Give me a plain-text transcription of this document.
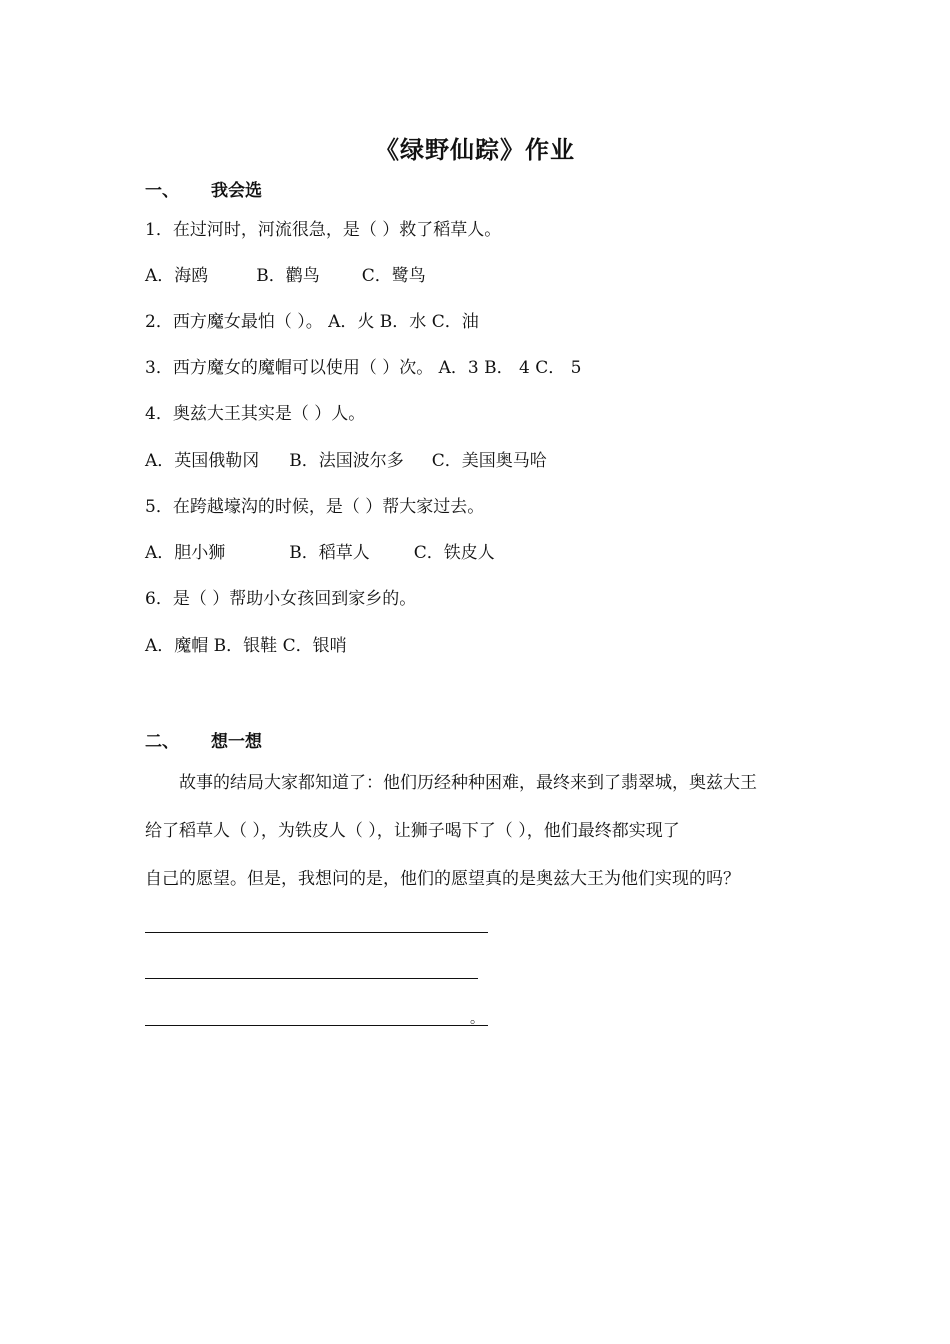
《绿野仙踪》作业
一、 我会选
1．在过河时，河流很急，是（ ）救了稻草人。
A．海鸥	B．鹳鸟 C．鹭鸟
2．西方魔女最怕（ ）。 A．火 B．水 C．油
3．西方魔女的魔帽可以使用（ ）次。 A．3 B． 4 C． 5
4．奥兹大王其实是（ ）人。
A．英国俄勒冈 B．法国波尔多 C．美国奥马哈
5．在跨越壕沟的时候，是（ ）帮大家过去。
A．胆小狮	B．稻草人	C．铁皮人
6．是（ ）帮助小女孩回到家乡的。
A．魔帽 B．银鞋 C．银哨
二、 想一想
故事的结局大家都知道了：他们历经种种困难，最终来到了翡翠城，奥兹大王
给了稻草人（ ），为铁皮人（ ），让狮子喝下了（ ），他们最终都实现了
自己的愿望。但是，我想问的是，他们的愿望真的是奥兹大王为他们实现的吗？
。
